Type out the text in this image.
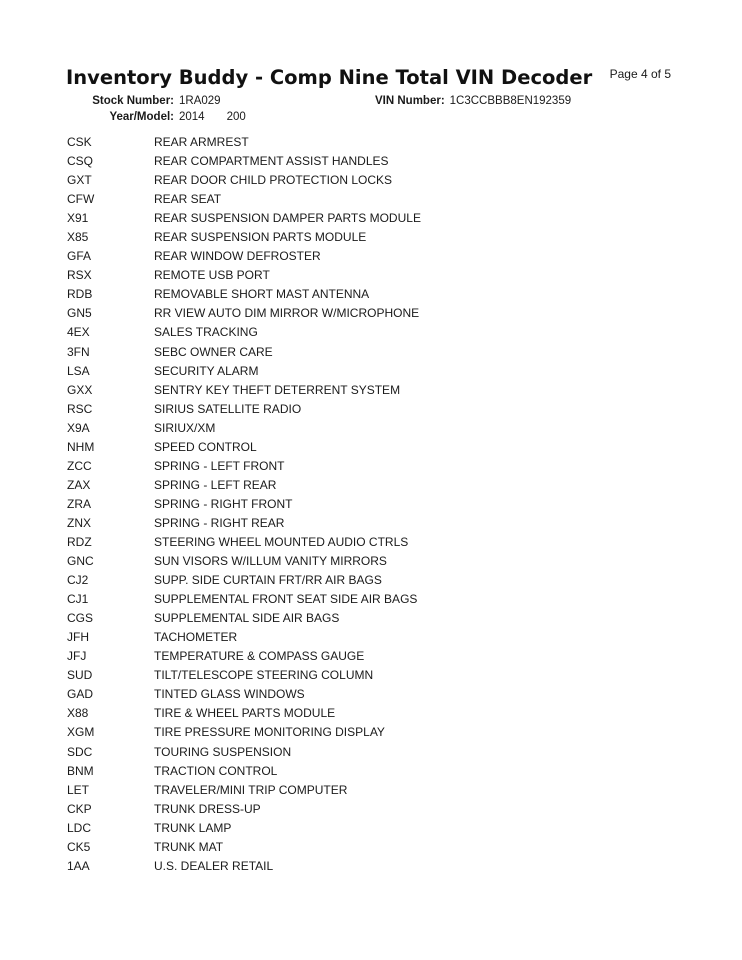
Inventory Buddy - Comp Nine Total VIN Decoder Page 4 of 5
Stock Number: 1RA029	VIN Number: 1C3CCBBB8EN192359
Year/Model: 2014 200
CSK	REAR ARMREST
CSQ	REAR COMPARTMENT ASSIST HANDLES
GXT	REAR DOOR CHILD PROTECTION LOCKS
CFW	REAR SEAT
X91	REAR SUSPENSION DAMPER PARTS MODULE
X85	REAR SUSPENSION PARTS MODULE
GFA	REAR WINDOW DEFROSTER
RSX	REMOTE USB PORT
RDB	REMOVABLE SHORT MAST ANTENNA
GN5	RR VIEW AUTO DIM MIRROR W/MICROPHONE
4EX	SALES TRACKING
3FN	SEBC OWNER CARE
LSA	SECURITY ALARM
GXX	SENTRY KEY THEFT DETERRENT SYSTEM
RSC	SIRIUS SATELLITE RADIO
X9A	SIRIUX/XM
NHM	SPEED CONTROL
ZCC	SPRING - LEFT FRONT
ZAX	SPRING - LEFT REAR
ZRA	SPRING - RIGHT FRONT
ZNX	SPRING - RIGHT REAR
RDZ	STEERING WHEEL MOUNTED AUDIO CTRLS
GNC	SUN VISORS W/ILLUM VANITY MIRRORS
CJ2	SUPP. SIDE CURTAIN FRT/RR AIR BAGS
CJ1	SUPPLEMENTAL FRONT SEAT SIDE AIR BAGS
CGS	SUPPLEMENTAL SIDE AIR BAGS
JFH	TACHOMETER
JFJ	TEMPERATURE & COMPASS GAUGE
SUD	TILT/TELESCOPE STEERING COLUMN
GAD	TINTED GLASS WINDOWS
X88	TIRE & WHEEL PARTS MODULE
XGM	TIRE PRESSURE MONITORING DISPLAY
SDC	TOURING SUSPENSION
BNM	TRACTION CONTROL
LET	TRAVELER/MINI TRIP COMPUTER
CKP	TRUNK DRESS-UP
LDC	TRUNK LAMP
CK5	TRUNK MAT
1AA	U.S. DEALER RETAIL
